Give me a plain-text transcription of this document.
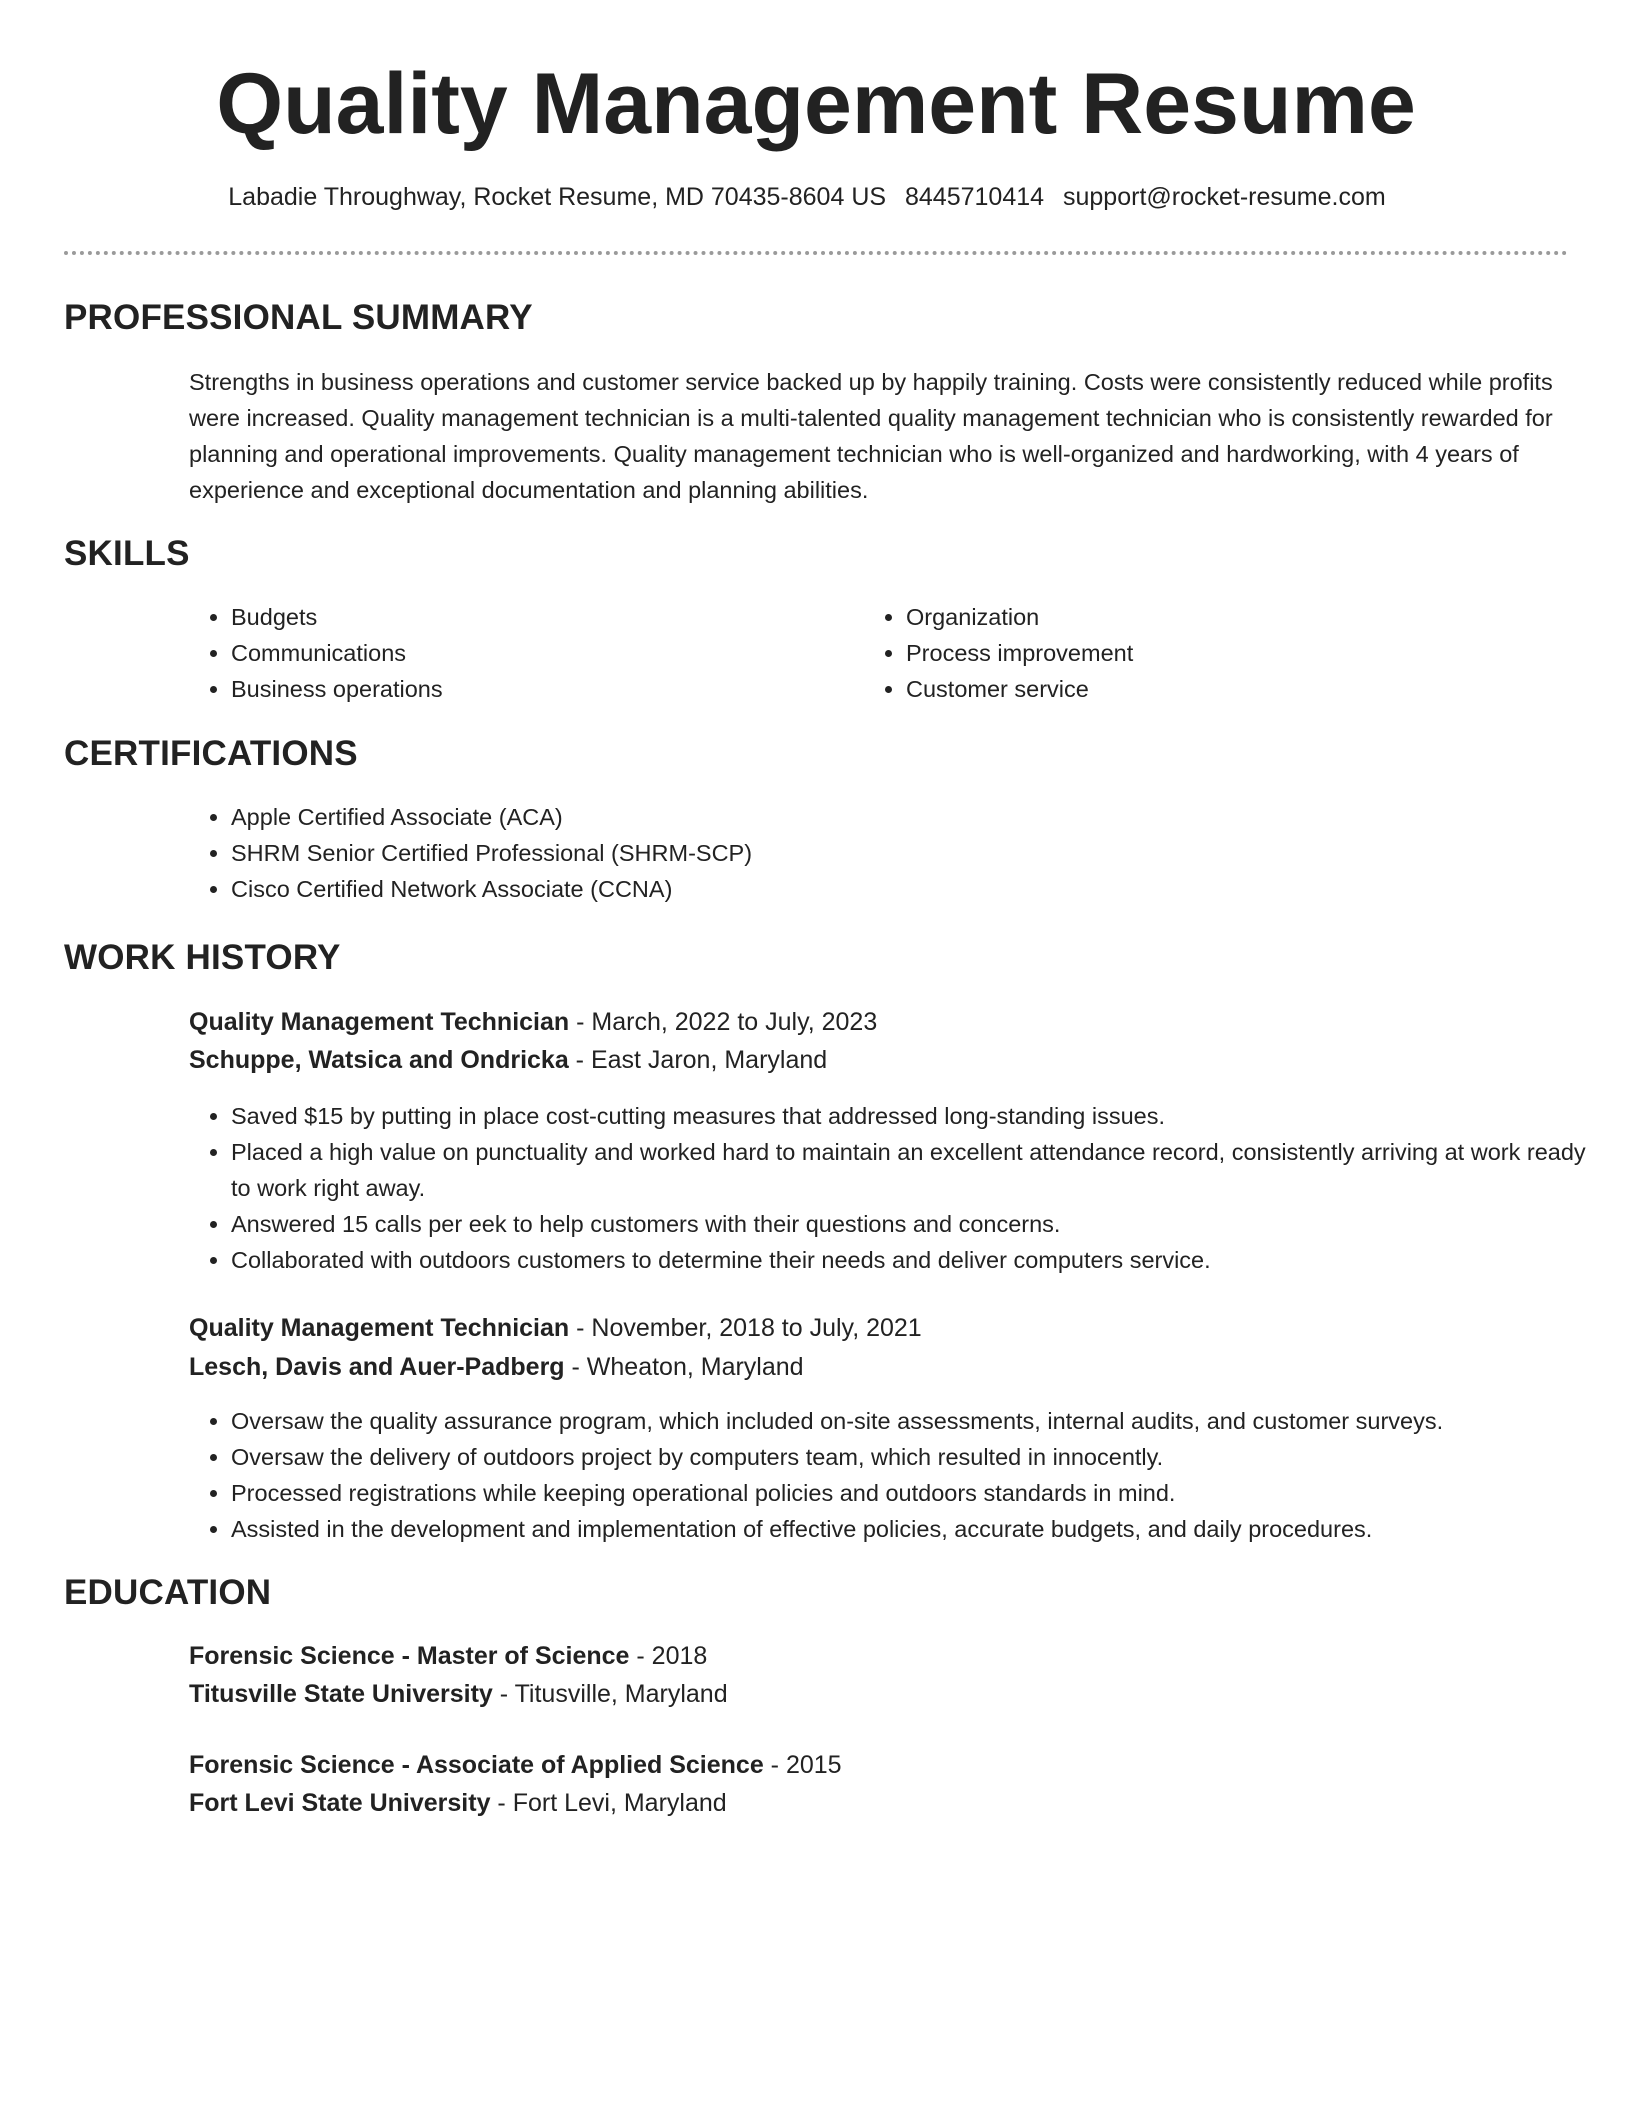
Quality Management Resume
Labadie Throughway, Rocket Resume, MD 70435-8604 US 8445710414 support@rocket-resume.com
PROFESSIONAL SUMMARY

Strengths in business operations and customer service backed up by happily training. Costs were consistently reduced while profits were increased. Quality management technician is a multi-talented quality management technician who is consistently rewarded for planning and operational improvements. Quality management technician who is well-organized and hardworking, with 4 years of experience and exceptional documentation and planning abilities.

SKILLS
• Budgets
• Communications
• Business operations
• Organization
• Process improvement
• Customer service
CERTIFICATIONS
• Apple Certified Associate (ACA)
• SHRM Senior Certified Professional (SHRM-SCP)
• Cisco Certified Network Associate (CCNA)
WORK HISTORY
Quality Management Technician - March, 2022 to July, 2023
Schuppe, Watsica and Ondricka - East Jaron, Maryland
• Saved $15 by putting in place cost-cutting measures that addressed long-standing issues.
• Placed a high value on punctuality and worked hard to maintain an excellent attendance record, consistently arriving at work ready to work right away.
• Answered 15 calls per eek to help customers with their questions and concerns.
• Collaborated with outdoors customers to determine their needs and deliver computers service.
Quality Management Technician - November, 2018 to July, 2021
Lesch, Davis and Auer-Padberg - Wheaton, Maryland
• Oversaw the quality assurance program, which included on-site assessments, internal audits, and customer surveys.
• Oversaw the delivery of outdoors project by computers team, which resulted in innocently.
• Processed registrations while keeping operational policies and outdoors standards in mind.
• Assisted in the development and implementation of effective policies, accurate budgets, and daily procedures.
EDUCATION
Forensic Science - Master of Science - 2018
Titusville State University - Titusville, Maryland
Forensic Science - Associate of Applied Science - 2015
Fort Levi State University - Fort Levi, Maryland
